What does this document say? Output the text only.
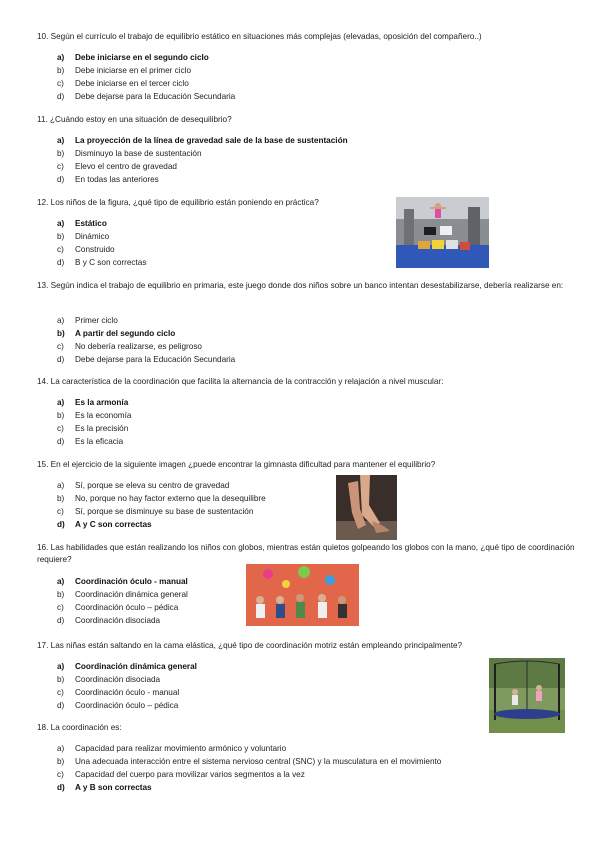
10. Según el currículo el trabajo de equilibrio estático en situaciones más complejas (elevadas, oposición del compañero..)
a) Debe iniciarse en el segundo ciclo
b) Debe iniciarse en el primer ciclo
c) Debe iniciarse en el tercer ciclo
d) Debe dejarse para la Educación Secundaria
11. ¿Cuándo estoy en una situación de desequilibrio?
a) La proyección de la línea de gravedad sale de la base de sustentación
b) Disminuyo la base de sustentación
c) Elevo el centro de gravedad
d) En todas las anteriores
12. Los niños de la figura, ¿qué tipo de equilibrio están poniendo en práctica?
a) Estático
b) Dinámico
c) Construido
d) B y C son correctas
13. Según indica el trabajo de equilibrio en primaria, este juego donde dos niños sobre un banco intentan desestabilizarse, debería realizarse en:
a) Primer ciclo
b) A partir del segundo ciclo
c) No debería realizarse, es peligroso
d) Debe dejarse para la Educación Secundaria
14. La característica de la coordinación que facilita la alternancia de la contracción y relajación a nivel muscular:
a) Es la armonía
b) Es la economía
c) Es la precisión
d) Es la eficacia
15. En el ejercicio de la siguiente imagen ¿puede encontrar la gimnasta dificultad para mantener el equilibrio?
a) Sí, porque se eleva su centro de gravedad
b) No, porque no hay factor externo que la desequilibre
c) Sí, porque se disminuye su base de sustentación
d) A y C son correctas
16. Las habilidades que están realizando los niños con globos, mientras están quietos golpeando los globos con la mano, ¿qué tipo de coordinación requiere?
a) Coordinación óculo - manual
b) Coordinación dinámica general
c) Coordinación óculo – pédica
d) Coordinación disociada
17. Las niñas están saltando en la cama elástica, ¿qué tipo de coordinación motriz están empleando principalmente?
a) Coordinación dinámica general
b) Coordinación disociada
c) Coordinación óculo - manual
d) Coordinación óculo – pédica
18. La coordinación es:
a) Capacidad para realizar movimiento armónico y voluntario
b) Una adecuada interacción entre el sistema nervioso central (SNC) y la musculatura en el movimiento
c) Capacidad del cuerpo para movilizar varios segmentos a la vez
d) A y B son correctas
